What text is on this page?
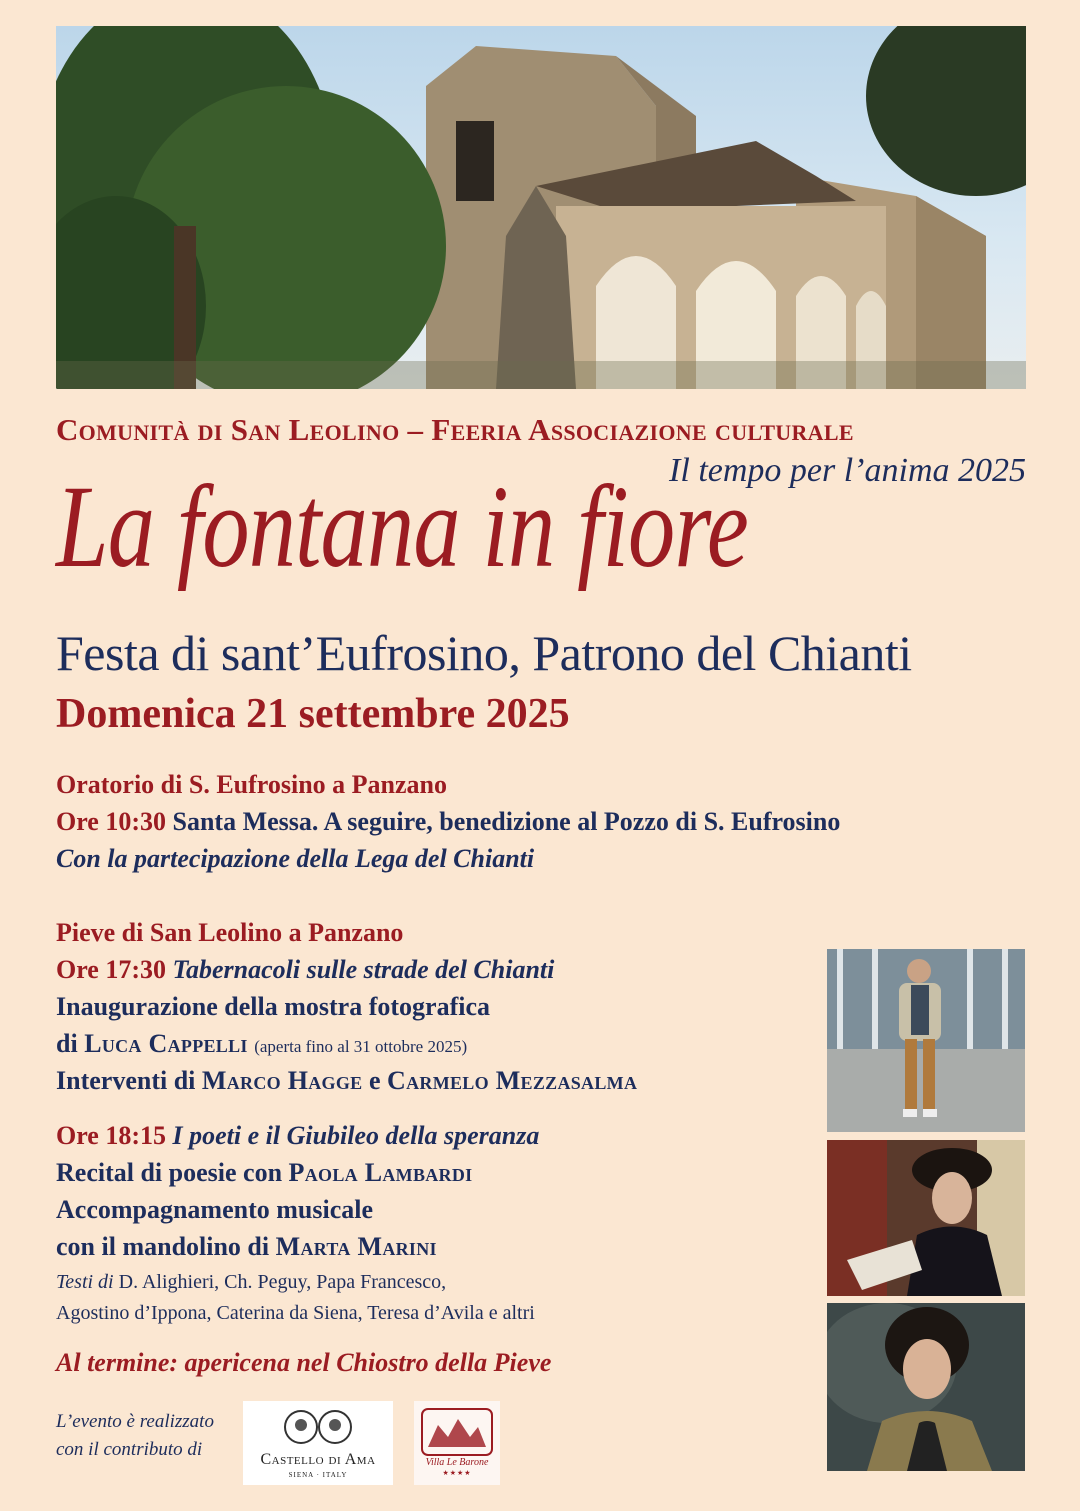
Comunità di San Leolino – Feeria Associazione culturale
Il tempo per l’anima 2025
La fontana in fiore
Festa di sant’Eufrosino, Patrono del Chianti
Domenica 21 settembre 2025
Oratorio di S. Eufrosino a Panzano
Ore 10:30 Santa Messa. A seguire, benedizione al Pozzo di S. Eufrosino
Con la partecipazione della Lega del Chianti
Pieve di San Leolino a Panzano
Ore 17:30 Tabernacoli sulle strade del Chianti
Inaugurazione della mostra fotografica
di Luca Cappelli (aperta fino al 31 ottobre 2025)
Interventi di Marco Hagge e Carmelo Mezzasalma
Ore 18:15 I poeti e il Giubileo della speranza
Recital di poesie con Paola Lambardi
Accompagnamento musicale
con il mandolino di Marta Marini
Testi di D. Alighieri, Ch. Peguy, Papa Francesco,
Agostino d’Ippona, Caterina da Siena, Teresa d’Avila e altri
Al termine: apericena nel Chiostro della Pieve
L’evento è realizzato
con il contributo di	Castello di Ama
SIENA · ITALY
Villa Le Barone
★★★★
